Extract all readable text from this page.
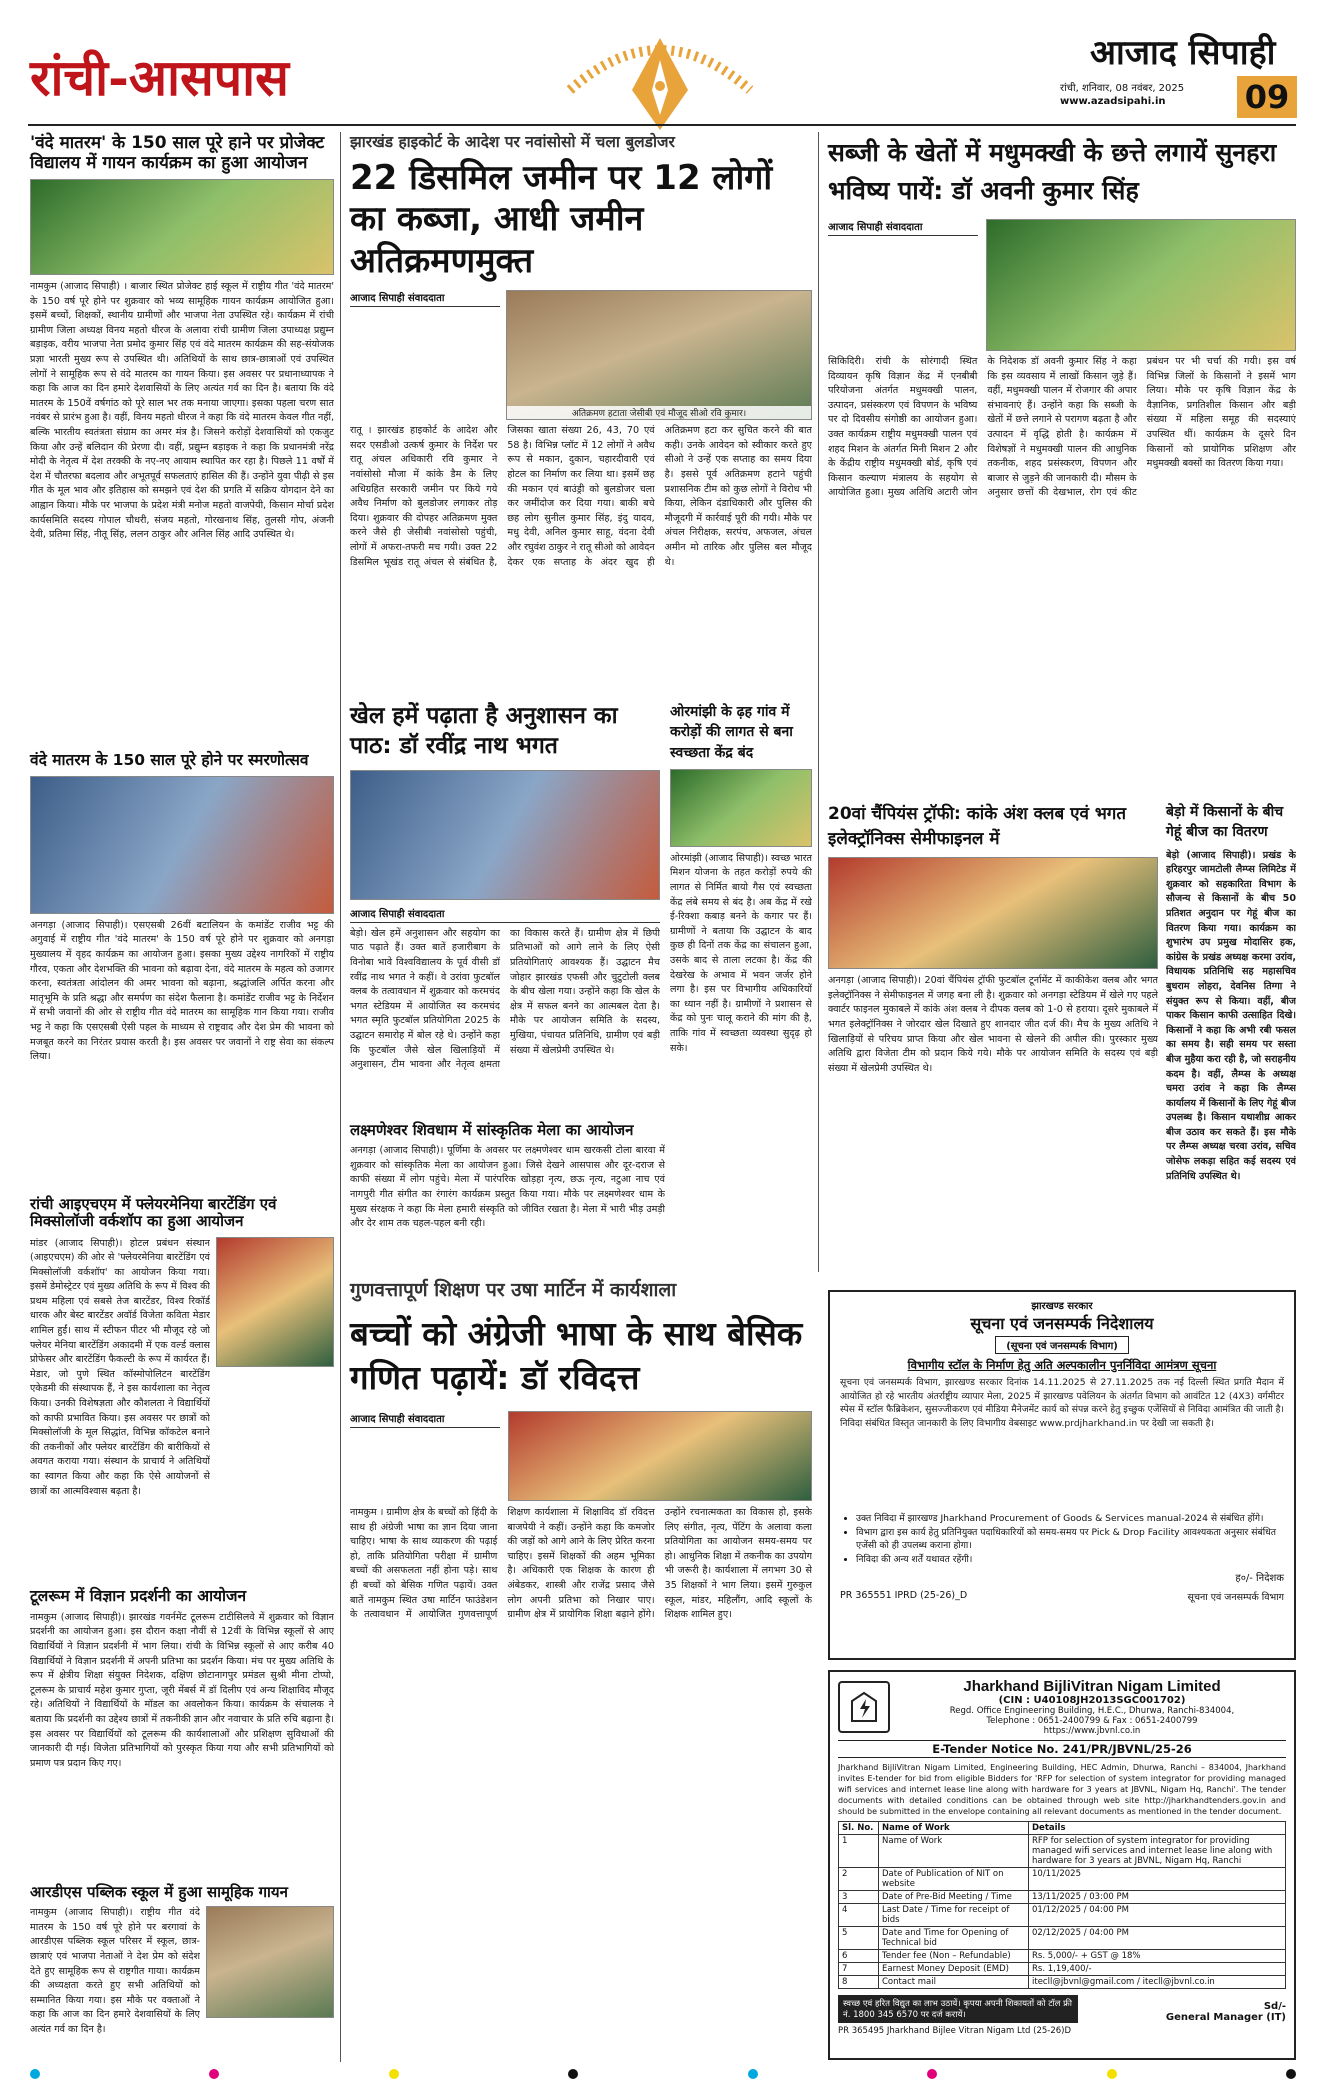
रांची-आसपास	आजाद सिपाही
रांची, शनिवार, 08 नवंबर, 2025
www.azadsipahi.in 09
'वंदे मातरम' के 150 साल पूरे हाने पर प्रोजेक्ट विद्यालय में गायन कार्यक्रम का हुआ आयोजन
नामकुम (आजाद सिपाही) । बाजार स्थित प्रोजेक्ट हाई स्कूल में राष्ट्रीय गीत 'वंदे मातरम' के 150 वर्ष पूरे होने पर शुक्रवार को भव्य सामूहिक गायन कार्यक्रम आयोजित हुआ। इसमें बच्चों, शिक्षकों, स्थानीय ग्रामीणों और भाजपा नेता उपस्थित रहे। कार्यक्रम में रांची ग्रामीण जिला अध्यक्ष विनय महतो धीरज के अलावा रांची ग्रामीण जिला उपाध्यक्ष प्रद्युम्न बड़ाइक, वरीय भाजपा नेता प्रमोद कुमार सिंह एवं वंदे मातरम कार्यक्रम की सह-संयोजक प्रज्ञा भारती मुख्य रूप से उपस्थित थी। अतिथियों के साथ छात्र-छात्राओं एवं उपस्थित लोगों ने सामूहिक रूप से वंदे मातरम का गायन किया। इस अवसर पर प्रधानाध्यापक ने कहा कि आज का दिन हमारे देशवासियों के लिए अत्यंत गर्व का दिन है। बताया कि वंदे मातरम के 150वें वर्षगांठ को पूरे साल भर तक मनाया जाएगा। इसका पहला चरण सात नवंबर से प्रारंभ हुआ है। वहीं, विनय महतो धीरज ने कहा कि वंदे मातरम केवल गीत नहीं, बल्कि भारतीय स्वतंत्रता संग्राम का अमर मंत्र है। जिसने करोड़ों देशवासियों को एकजुट किया और उन्हें बलिदान की प्रेरणा दी। वहीं, प्रद्युम्न बड़ाइक ने कहा कि प्रधानमंत्री नरेंद्र मोदी के नेतृत्व में देश तरक्की के नए-नए आयाम स्थापित कर रहा है। पिछले 11 वर्षों में देश में चौतरफा बदलाव और अभूतपूर्व सफलताएं हासिल की हैं। उन्होंने युवा पीढ़ी से इस गीत के मूल भाव और इतिहास को समझने एवं देश की प्रगति में सक्रिय योगदान देने का आह्वान किया। मौके पर भाजपा के प्रदेश मंत्री मनोज महतो वाजपेयी, किसान मोर्चा प्रदेश कार्यसमिति सदस्य गोपाल चौधरी, संजय महतो, गोरखनाथ सिंह, तुलसी गोप, अंजनी देवी, प्रतिमा सिंह, नीतू सिंह, ललन ठाकुर और अनिल सिंह आदि उपस्थित थे।
वंदे मातरम के 150 साल पूरे होने पर स्मरणोत्सव
अनगड़ा (आजाद सिपाही)। एसएसबी 26वीं बटालियन के कमांडेंट राजीव भट्ट की अगुवाई में राष्ट्रीय गीत 'वंदे मातरम' के 150 वर्ष पूरे होने पर शुक्रवार को अनगड़ा मुख्यालय में वृहद कार्यक्रम का आयोजन हुआ। इसका मुख्य उद्देश्य नागरिकों में राष्ट्रीय गौरव, एकता और देशभक्ति की भावना को बढ़ावा देना, वंदे मातरम के महत्व को उजागर करना, स्वतंत्रता आंदोलन की अमर भावना को बढ़ाना, श्रद्धांजलि अर्पित करना और मातृभूमि के प्रति श्रद्धा और समर्पण का संदेश फैलाना है। कमांडेंट राजीव भट्ट के निर्देशन में सभी जवानों की ओर से राष्ट्रीय गीत वंदे मातरम का सामूहिक गान किया गया। राजीव भट्ट ने कहा कि एसएसबी ऐसी पहल के माध्यम से राष्ट्रवाद और देश प्रेम की भावना को मजबूत करने का निरंतर प्रयास करती है। इस अवसर पर जवानों ने राष्ट्र सेवा का संकल्प लिया।
रांची आइएचएम में फ्लेयरमेनिया बारटेंडिंग एवं मिक्सोलॉजी वर्कशॉप का हुआ आयोजन
मांडर (आजाद सिपाही)। होटल प्रबंधन संस्थान (आइएचएम) की ओर से 'फ्लेयरमेनिया बारटेंडिंग एवं मिक्सोलॉजी वर्कशॉप' का आयोजन किया गया। इसमें डेमोस्ट्रेटर एवं मुख्य अतिथि के रूप में विश्व की प्रथम महिला एवं सबसे तेज बारटेंडर, विश्व रिकॉर्ड धारक और बेस्ट बारटेंडर अवॉर्ड विजेता कविता मेडार शामिल हुईं। साथ में स्टीफन पीटर भी मौजूद रहे जो फ्लेयर मेनिया बारटेंडिंग अकादमी में एक वर्ल्ड क्लास प्रोफेसर और बारटेंडिंग फैकल्टी के रूप में कार्यरत हैं। मेडार, जो पुणे स्थित कॉस्मोपोलिटन बारटेंडिंग एकेडमी की संस्थापक हैं, ने इस कार्यशाला का नेतृत्व किया। उनकी विशेषज्ञता और कौशलता ने विद्यार्थियों को काफी प्रभावित किया। इस अवसर पर छात्रों को मिक्सोलॉजी के मूल सिद्धांत, विभिन्न कॉकटेल बनाने की तकनीकों और फ्लेयर बारटेंडिंग की बारीकियों से अवगत कराया गया। संस्थान के प्राचार्य ने अतिथियों का स्वागत किया और कहा कि ऐसे आयोजनों से छात्रों का आत्मविश्वास बढ़ता है।
टूलरूम में विज्ञान प्रदर्शनी का आयोजन
नामकुम (आजाद सिपाही)। झारखंड गवर्नमेंट टूलरूम टाटीसिलवे में शुक्रवार को विज्ञान प्रदर्शनी का आयोजन हुआ। इस दौरान कक्षा नौवीं से 12वीं के विभिन्न स्कूलों से आए विद्यार्थियों ने विज्ञान प्रदर्शनी में भाग लिया। रांची के विभिन्न स्कूलों से आए करीब 40 विद्यार्थियों ने विज्ञान प्रदर्शनी में अपनी प्रतिभा का प्रदर्शन किया। मंच पर मुख्य अतिथि के रूप में क्षेत्रीय शिक्षा संयुक्त निदेशक, दक्षिण छोटानागपुर प्रमंडल सुश्री मीना टोप्पो, टूलरूम के प्राचार्य महेश कुमार गुप्ता, जूरी मेंबर्स में डॉ दिलीप एवं अन्य शिक्षाविद मौजूद रहे। अतिथियों ने विद्यार्थियों के मॉडल का अवलोकन किया। कार्यक्रम के संचालक ने बताया कि प्रदर्शनी का उद्देश्य छात्रों में तकनीकी ज्ञान और नवाचार के प्रति रुचि बढ़ाना है। इस अवसर पर विद्यार्थियों को टूलरूम की कार्यशालाओं और प्रशिक्षण सुविधाओं की जानकारी दी गई। विजेता प्रतिभागियों को पुरस्कृत किया गया और सभी प्रतिभागियों को प्रमाण पत्र प्रदान किए गए।
आरडीएस पब्लिक स्कूल में हुआ सामूहिक गायन
नामकुम (आजाद सिपाही)। राष्ट्रीय गीत वंदे मातरम के 150 वर्ष पूरे होने पर बरगावां के आरडीएस पब्लिक स्कूल परिसर में स्कूल, छात्र-छात्राएं एवं भाजपा नेताओं ने देश प्रेम को संदेश देते हुए सामूहिक रूप से राष्ट्रगीत गाया। कार्यक्रम की अध्यक्षता करते हुए सभी अतिथियों को सम्मानित किया गया। इस मौके पर वक्ताओं ने कहा कि आज का दिन हमारे देशवासियों के लिए अत्यंत गर्व का दिन है।
झारखंड हाइकोर्ट के आदेश पर नवांसोसो में चला बुलडोजर
22 डिसमिल जमीन पर 12 लोगों का कब्जा, आधी जमीन अतिक्रमणमुक्त
आजाद सिपाही संवाददाता
अतिक्रमण हटाता जेसीबी एवं मौजूद सीओ रवि कुमार।
रातू । झारखंड हाइकोर्ट के आदेश और सदर एसडीओ उत्कर्ष कुमार के निर्देश पर रातू अंचल अधिकारी रवि कुमार ने नवांसोसो मौजा में कांके डैम के लिए अधिग्रहित सरकारी जमीन पर किये गये अवैध निर्माण को बुलडोजर लगाकर तोड़ दिया। शुक्रवार की दोपहर अतिक्रमण मुक्त करने जैसे ही जेसीबी नवांसोसो पहुंची, लोगों में अफरा-तफरी मच गयी। उक्त 22 डिसमिल भूखंड रातू अंचल से संबंधित है, जिसका खाता संख्या 26, 43, 70 एवं 58 है। विभिन्न प्लॉट में 12 लोगों ने अवैध रूप से मकान, दुकान, चहारदीवारी एवं होटल का निर्माण कर लिया था। इसमें छह की मकान एवं बाउंड्री को बुलडोजर चला कर जमींदोज कर दिया गया। बाकी बचे छह लोग सुनील कुमार सिंह, इंदु यादव, मधु देवी, अनिल कुमार साहू, वंदना देवी और रघुवंश ठाकुर ने रातू सीओ को आवेदन देकर एक सप्ताह के अंदर खुद ही अतिक्रमण हटा कर सुचित करने की बात कही। उनके आवेदन को स्वीकार करते हुए सीओ ने उन्हें एक सप्ताह का समय दिया है। इससे पूर्व अतिक्रमण हटाने पहुंची प्रशासनिक टीम को कुछ लोगों ने विरोध भी किया, लेकिन दंडाधिकारी और पुलिस की मौजूदगी में कार्रवाई पूरी की गयी। मौके पर अंचल निरीक्षक, सरपंच, अफजल, अंचल अमीन मो तारिक और पुलिस बल मौजूद थे।
खेल हमें पढ़ाता है अनुशासन का पाठ: डॉ रवींद्र नाथ भगत
आजाद सिपाही संवाददाता
बेड़ो। खेल हमें अनुशासन और सहयोग का पाठ पढ़ाते हैं। उक्त बातें हजारीबाग के विनोबा भावे विश्वविद्यालय के पूर्व वीसी डॉ रवींद्र नाथ भगत ने कहीं। वे उरांवा फुटबॉल क्लब के तत्वावधान में शुक्रवार को करमचंद भगत स्टेडियम में आयोजित स्व करमचंद भगत स्मृति फुटबॉल प्रतियोगिता 2025 के उद्घाटन समारोह में बोल रहे थे। उन्होंने कहा कि फुटबॉल जैसे खेल खिलाड़ियों में अनुशासन, टीम भावना और नेतृत्व क्षमता का विकास करते हैं। ग्रामीण क्षेत्र में छिपी प्रतिभाओं को आगे लाने के लिए ऐसी प्रतियोगिताएं आवश्यक हैं। उद्घाटन मैच जोहार झारखंड एफसी और चुटुटोली क्लब के बीच खेला गया। उन्होंने कहा कि खेल के क्षेत्र में सफल बनने का आत्मबल देता है। मौके पर आयोजन समिति के सदस्य, मुखिया, पंचायत प्रतिनिधि, ग्रामीण एवं बड़ी संख्या में खेलप्रेमी उपस्थित थे।
ओरमांझी के ढ़ह गांव में करोड़ों की लागत से बना स्वच्छता केंद्र बंद
ओरमांझी (आजाद सिपाही)। स्वच्छ भारत मिशन योजना के तहत करोड़ों रुपये की लागत से निर्मित बायो गैस एवं स्वच्छता केंद्र लंबे समय से बंद है। अब केंद्र में रखे ई-रिक्शा कबाड़ बनने के कगार पर हैं। ग्रामीणों ने बताया कि उद्घाटन के बाद कुछ ही दिनों तक केंद्र का संचालन हुआ, उसके बाद से ताला लटका है। केंद्र की देखरेख के अभाव में भवन जर्जर होने लगा है। इस पर विभागीय अधिकारियों का ध्यान नहीं है। ग्रामीणों ने प्रशासन से केंद्र को पुनः चालू कराने की मांग की है, ताकि गांव में स्वच्छता व्यवस्था सुदृढ़ हो सके।
लक्ष्मणेश्वर शिवधाम में सांस्कृतिक मेला का आयोजन
अनगड़ा (आजाद सिपाही)। पूर्णिमा के अवसर पर लक्ष्मणेश्वर धाम खरकसी टोला बारवा में शुक्रवार को सांस्कृतिक मेला का आयोजन हुआ। जिसे देखने आसपास और दूर-दराज से काफी संख्या में लोग पहुंचे। मेला में पारंपरिक खोड़हा नृत्य, छऊ नृत्य, नटुआ नाच एवं नागपुरी गीत संगीत का रंगारंग कार्यक्रम प्रस्तुत किया गया। मौके पर लक्ष्मणेश्वर धाम के मुख्य संरक्षक ने कहा कि मेला हमारी संस्कृति को जीवित रखता है। मेला में भारी भीड़ उमड़ी और देर शाम तक चहल-पहल बनी रही।
गुणवत्तापूर्ण शिक्षण पर उषा मार्टिन में कार्यशाला
बच्चों को अंग्रेजी भाषा के साथ बेसिक गणित पढ़ायें: डॉ रविदत्त
आजाद सिपाही संवाददाता
नामकुम । ग्रामीण क्षेत्र के बच्चों को हिंदी के साथ ही अंग्रेजी भाषा का ज्ञान दिया जाना चाहिए। भाषा के साथ व्याकरण की पढ़ाई हो, ताकि प्रतियोगिता परीक्षा में ग्रामीण बच्चों की असफलता नहीं होना पड़े। साथ ही बच्चों को बेसिक गणित पढ़ायें। उक्त बातें नामकुम स्थित उषा मार्टिन फाउंडेशन के तत्वावधान में आयोजित गुणवत्तापूर्ण शिक्षण कार्यशाला में शिक्षाविद डॉ रविदत्त बाजपेयी ने कहीं। उन्होंने कहा कि कमजोर की जड़ों को आगे आने के लिए प्रेरित करना चाहिए। इसमें शिक्षकों की अहम भूमिका है। अधिकारी एक शिक्षक के कारण ही अंबेडकर, शास्त्री और राजेंद्र प्रसाद जैसे लोग अपनी प्रतिभा को निखार पाए। ग्रामीण क्षेत्र में प्रायोगिक शिक्षा बढ़ाने होंगे। उन्होंने रचनात्मकता का विकास हो, इसके लिए संगीत, नृत्य, पेंटिंग के अलावा कला प्रतियोगिता का आयोजन समय-समय पर हो। आधुनिक शिक्षा में तकनीक का उपयोग भी जरूरी है। कार्यशाला में लगभग 30 से 35 शिक्षकों ने भाग लिया। इसमें गुरुकुल स्कूल, मांडर, महिलौंग, आदि स्कूलों के शिक्षक शामिल हुए।
सब्जी के खेतों में मधुमक्खी के छत्ते लगायें सुनहरा भविष्य पायें: डॉ अवनी कुमार सिंह
आजाद सिपाही संवाददाता
सिकिदिरी। रांची के सोरंगादी स्थित दिव्यायन कृषि विज्ञान केंद्र में एनबीबी परियोजना अंतर्गत मधुमक्खी पालन, उत्पादन, प्रसंस्करण एवं विपणन के भविष्य पर दो दिवसीय संगोष्ठी का आयोजन हुआ। उक्त कार्यक्रम राष्ट्रीय मधुमक्खी पालन एवं शहद मिशन के अंतर्गत मिनी मिशन 2 और के केंद्रीय राष्ट्रीय मधुमक्खी बोर्ड, कृषि एवं किसान कल्याण मंत्रालय के सहयोग से आयोजित हुआ। मुख्य अतिथि अटारी जोन के निदेशक डॉ अवनी कुमार सिंह ने कहा कि इस व्यवसाय में लाखों किसान जुड़े हैं। वहीं, मधुमक्खी पालन में रोजगार की अपार संभावनाएं हैं। उन्होंने कहा कि सब्जी के खेतों में छत्ते लगाने से परागण बढ़ता है और उत्पादन में वृद्धि होती है। कार्यक्रम में विशेषज्ञों ने मधुमक्खी पालन की आधुनिक तकनीक, शहद प्रसंस्करण, विपणन और बाजार से जुड़ने की जानकारी दी। मौसम के अनुसार छत्तों की देखभाल, रोग एवं कीट प्रबंधन पर भी चर्चा की गयी। इस वर्ष विभिन्न जिलों के किसानों ने इसमें भाग लिया। मौके पर कृषि विज्ञान केंद्र के वैज्ञानिक, प्रगतिशील किसान और बड़ी संख्या में महिला समूह की सदस्याएं उपस्थित थीं। कार्यक्रम के दूसरे दिन किसानों को प्रायोगिक प्रशिक्षण और मधुमक्खी बक्सों का वितरण किया गया।
20वां चैंपियंस ट्रॉफी: कांके अंश क्लब एवं भगत इलेक्ट्रॉनिक्स सेमीफाइनल में
अनगड़ा (आजाद सिपाही)। 20वां चैंपियंस ट्रॉफी फुटबॉल टूर्नामेंट में काकीकेश क्लब और भगत इलेक्ट्रॉनिक्स ने सेमीफाइनल में जगह बना ली है। शुक्रवार को अनगड़ा स्टेडियम में खेले गए पहले क्वार्टर फाइनल मुकाबले में कांके अंश क्लब ने दीपक क्लब को 1-0 से हराया। दूसरे मुकाबले में भगत इलेक्ट्रॉनिक्स ने जोरदार खेल दिखाते हुए शानदार जीत दर्ज की। मैच के मुख्य अतिथि ने खिलाड़ियों से परिचय प्राप्त किया और खेल भावना से खेलने की अपील की। पुरस्कार मुख्य अतिथि द्वारा विजेता टीम को प्रदान किये गये। मौके पर आयोजन समिति के सदस्य एवं बड़ी संख्या में खेलप्रेमी उपस्थित थे।
बेड़ो में किसानों के बीच गेहूं बीज का वितरण
बेड़ो (आजाद सिपाही)। प्रखंड के हरिहरपुर जामटोली लैम्प्स लिमिटेड में शुक्रवार को सहकारिता विभाग के सौजन्य से किसानों के बीच 50 प्रतिशत अनुदान पर गेहूं बीज का वितरण किया गया। कार्यक्रम का शुभारंभ उप प्रमुख मोदासिर हक, कांग्रेस के प्रखंड अध्यक्ष करमा उरांव, विधायक प्रतिनिधि सह महासचिव बुधराम लोहरा, देवनिस तिग्गा ने संयुक्त रूप से किया। वहीं, बीज पाकर किसान काफी उत्साहित दिखे। किसानों ने कहा कि अभी रबी फसल का समय है। सही समय पर सस्ता बीज मुहैया करा रही है, जो सराहनीय कदम है। वहीं, लैम्प्स के अध्यक्ष चमरा उरांव ने कहा कि लैम्प्स कार्यालय में किसानों के लिए गेहूं बीज उपलब्ध है। किसान यथाशीघ्र आकर बीज उठाव कर सकते हैं। इस मौके पर लैम्प्स अध्यक्ष चरवा उरांव, सचिव जोसेफ लकड़ा सहित कई सदस्य एवं प्रतिनिधि उपस्थित थे।
झारखण्ड सरकार
सूचना एवं जनसम्पर्क निदेशालय
(सूचना एवं जनसम्पर्क विभाग)
विभागीय स्टॉल के निर्माण हेतु अति अल्पकालीन पुनर्निविदा आमंत्रण सूचना
सूचना एवं जनसम्पर्क विभाग, झारखण्ड सरकार दिनांक 14.11.2025 से 27.11.2025 तक नई दिल्ली स्थित प्रगति मैदान में आयोजित हो रहे भारतीय अंतर्राष्ट्रीय व्यापार मेला, 2025 में झारखण्ड पवेलियन के अंतर्गत विभाग को आवंटित 12 (4X3) वर्गमीटर स्पेस में स्टॉल फैब्रिकेशन, सुसज्जीकरण एवं मीडिया मैनेजमेंट कार्य को संपन्न करने हेतु इच्छुक एजेंसियों से निविदा आमंत्रित की जाती है। निविदा संबंधित विस्तृत जानकारी के लिए विभागीय वेबसाइट www.prdjharkhand.in पर देखी जा सकती है।
• उक्त निविदा में झारखण्ड Jharkhand Procurement of Goods & Services manual-2024 से संबंधित होंगे।
• विभाग द्वारा इस कार्य हेतु प्रतिनियुक्त पदाधिकारियों को समय-समय पर Pick & Drop Facility आवश्यकता अनुसार संबंधित एजेंसी को ही उपलब्ध कराना होगा।
• निविदा की अन्य शर्तें यथावत रहेंगी।
ह०/- निदेशक
PR 365551 IPRD (25-26)_D	सूचना एवं जनसम्पर्क विभाग
Jharkhand BijliVitran Nigam Limited
(CIN : U40108JH2013SGC001702)
Regd. Office Engineering Building, H.E.C., Dhurwa, Ranchi-834004,
Telephone : 0651-2400799 & Fax : 0651-2400799
https://www.jbvnl.co.in
E-Tender Notice No. 241/PR/JBVNL/25-26
Jharkhand BijliVitran Nigam Limited, Engineering Building, HEC Admin, Dhurwa, Ranchi – 834004, Jharkhand invites E-tender for bid from eligible Bidders for 'RFP for selection of system integrator for providing managed wifi services and internet lease line along with hardware for 3 years at JBVNL, Nigam Hq, Ranchi'. The tender documents with detailed conditions can be obtained through web site http://jharkhandtenders.gov.in and should be submitted in the envelope containing all relevant documents as mentioned in the tender document.
Sl. No.	Name of Work	Details
1	Name of Work	RFP for selection of system integrator for providing managed wifi services and internet lease line along with hardware for 3 years at JBVNL, Nigam Hq, Ranchi
2	Date of Publication of NIT on website	10/11/2025
3	Date of Pre-Bid Meeting / Time	13/11/2025 / 03:00 PM
4	Last Date / Time for receipt of bids	01/12/2025 / 04:00 PM
5	Date and Time for Opening of Technical bid	02/12/2025 / 04:00 PM
6	Tender fee (Non – Refundable)	Rs. 5,000/- + GST @ 18%
7	Earnest Money Deposit (EMD)	Rs. 1,19,400/-
8	Contact mail	itecll@jbvnl@gmail.com / itecll@jbvnl.co.in
स्वच्छ एवं हरित विद्युत का लाभ उठायें। कृपया अपनी शिकायतों को टॉल फ्री नं. 1800 345 6570 पर दर्ज करायें।
Sd/-
General Manager (IT)
PR 365495 Jharkhand Bijlee Vitran Nigam Ltd (25-26)D
